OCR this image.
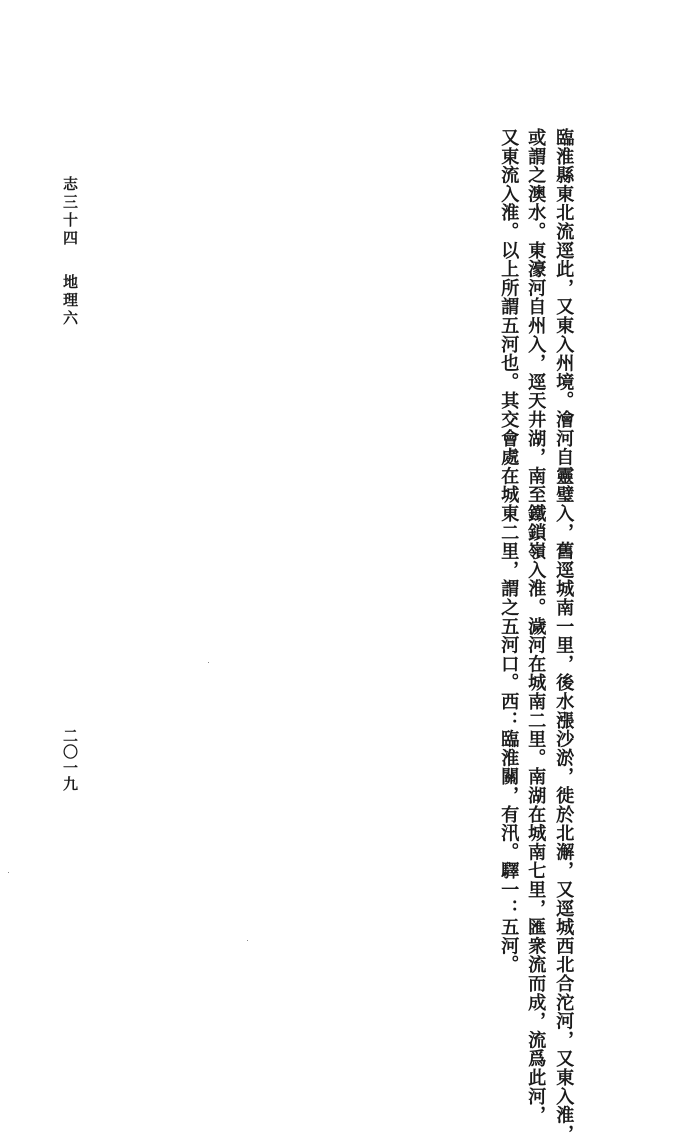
志三十四地理六
二〇一九	臨淮縣東北流逕此，又東入州境。澮河自靈璧入，舊逕城南一里，後水漲沙淤，徙於北澥，又逕城西北合沱河，又東入淮，
或謂之澳水。東濠河自州入，逕天井湖，南至鐵鎖嶺入淮。濊河在城南二里。南湖在城南七里，匯衆流而成，流爲此河，
又東流入淮。以上所謂五河也。其交會處在城東二里，謂之五河口。西：臨淮關，有汛。驛一：五河。
